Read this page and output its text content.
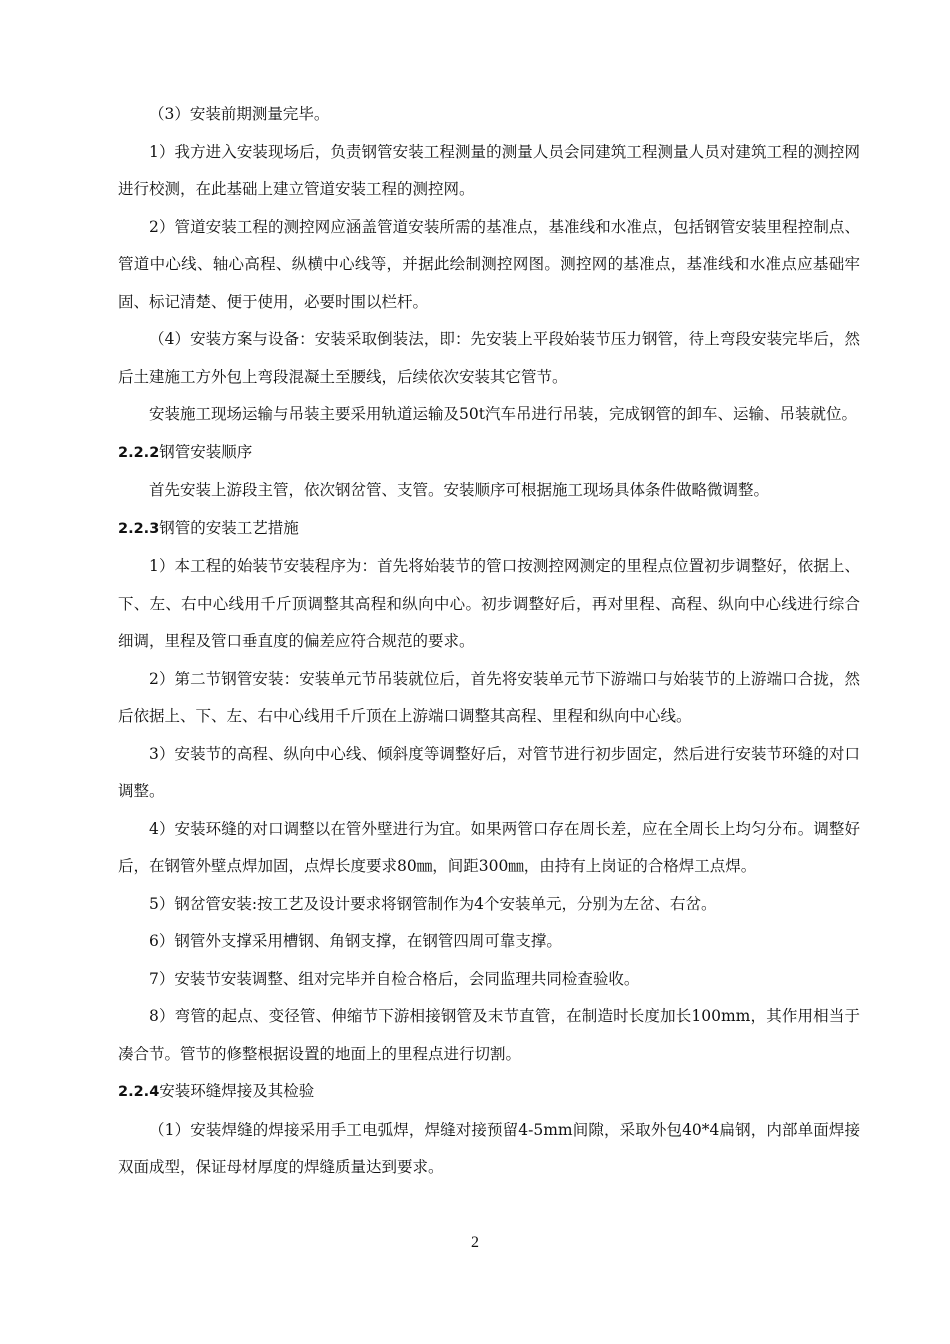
（3）安装前期测量完毕。

1）我方进入安装现场后，负责钢管安装工程测量的测量人员会同建筑工程测量人员对建筑工程的测控网进行校测，在此基础上建立管道安装工程的测控网。

2）管道安装工程的测控网应涵盖管道安装所需的基准点，基准线和水准点，包括钢管安装里程控制点、管道中心线、轴心高程、纵横中心线等，并据此绘制测控网图。测控网的基准点，基准线和水准点应基础牢固、标记清楚、便于使用，必要时围以栏杆。

（4）安装方案与设备：安装采取倒装法，即：先安装上平段始装节压力钢管，待上弯段安装完毕后，然后土建施工方外包上弯段混凝土至腰线，后续依次安装其它管节。

安装施工现场运输与吊装主要采用轨道运输及50t汽车吊进行吊装，完成钢管的卸车、运输、吊装就位。

2.2.2钢管安装顺序

首先安装上游段主管，依次钢岔管、支管。安装顺序可根据施工现场具体条件做略微调整。

2.2.3钢管的安装工艺措施

1）本工程的始装节安装程序为：首先将始装节的管口按测控网测定的里程点位置初步调整好，依据上、下、左、右中心线用千斤顶调整其高程和纵向中心。初步调整好后，再对里程、高程、纵向中心线进行综合细调，里程及管口垂直度的偏差应符合规范的要求。

2）第二节钢管安装：安装单元节吊装就位后，首先将安装单元节下游端口与始装节的上游端口合拢，然后依据上、下、左、右中心线用千斤顶在上游端口调整其高程、里程和纵向中心线。

3）安装节的高程、纵向中心线、倾斜度等调整好后，对管节进行初步固定，然后进行安装节环缝的对口调整。

4）安装环缝的对口调整以在管外壁进行为宜。如果两管口存在周长差，应在全周长上均匀分布。调整好后，在钢管外壁点焊加固，点焊长度要求80㎜，间距300㎜，由持有上岗证的合格焊工点焊。

5）钢岔管安装:按工艺及设计要求将钢管制作为4个安装单元，分别为左岔、右岔。

6）钢管外支撑采用槽钢、角钢支撑，在钢管四周可靠支撑。

7）安装节安装调整、组对完毕并自检合格后，会同监理共同检查验收。

8）弯管的起点、变径管、伸缩节下游相接钢管及末节直管，在制造时长度加长100mm，其作用相当于凑合节。管节的修整根据设置的地面上的里程点进行切割。

2.2.4安装环缝焊接及其检验

（1）安装焊缝的焊接采用手工电弧焊，焊缝对接预留4-5mm间隙，采取外包40*4扁钢，内部单面焊接双面成型，保证母材厚度的焊缝质量达到要求。

2
